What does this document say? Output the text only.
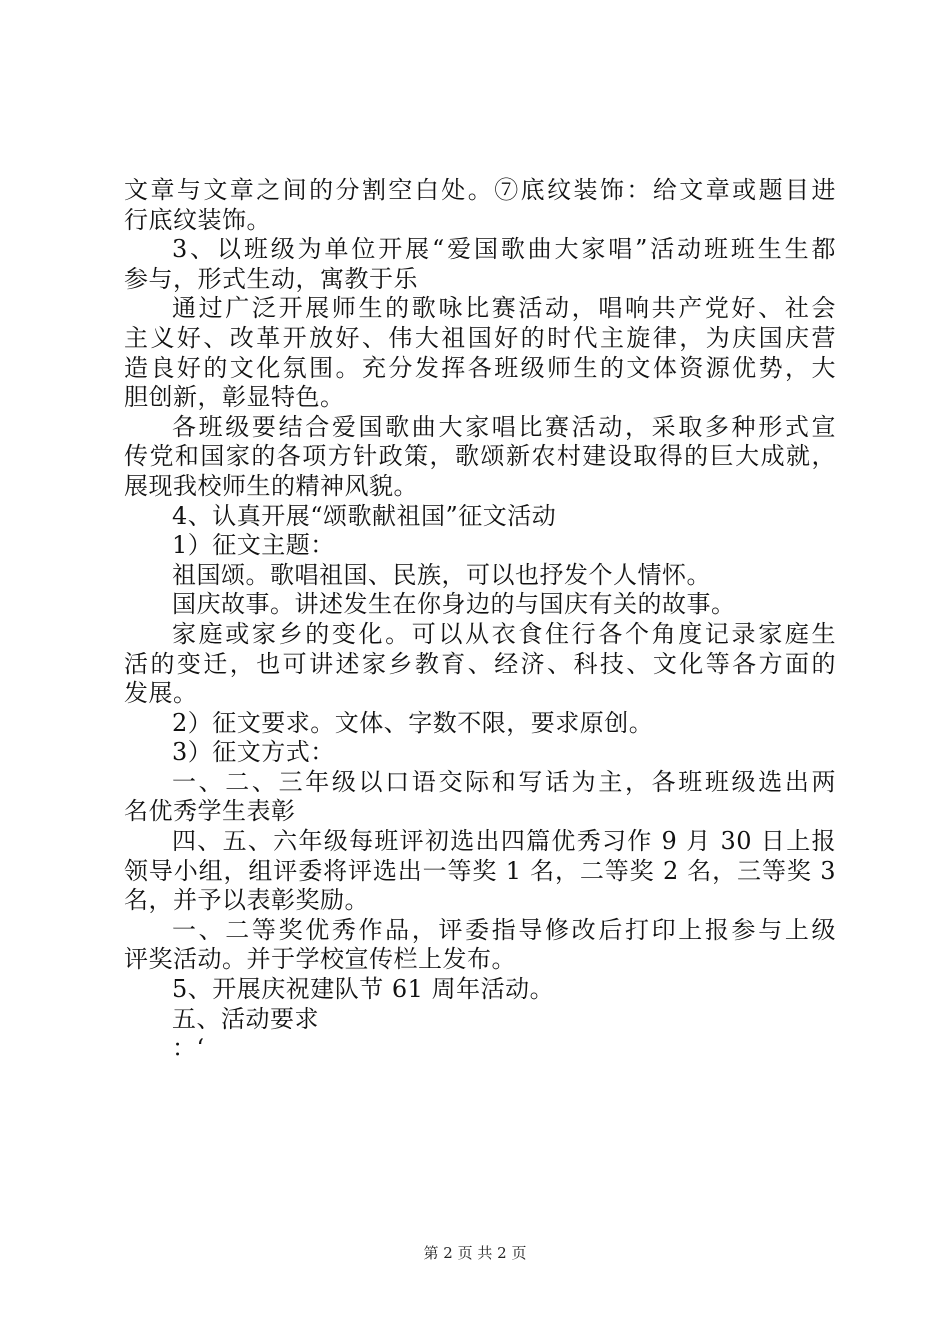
文章与文章之间的分割空白处。⑦底纹装饰：给文章或题目进
行底纹装饰。
3、以班级为单位开展“爱国歌曲大家唱”活动班班生生都
参与，形式生动，寓教于乐
通过广泛开展师生的歌咏比赛活动，唱响共产党好、社会
主义好、改革开放好、伟大祖国好的时代主旋律，为庆国庆营
造良好的文化氛围。充分发挥各班级师生的文体资源优势，大
胆创新，彰显特色。
各班级要结合爱国歌曲大家唱比赛活动，采取多种形式宣
传党和国家的各项方针政策，歌颂新农村建设取得的巨大成就，
展现我校师生的精神风貌。
4、认真开展“颂歌献祖国”征文活动
1）征文主题：
祖国颂。歌唱祖国、民族，可以也抒发个人情怀。
国庆故事。讲述发生在你身边的与国庆有关的故事。
家庭或家乡的变化。可以从衣食住行各个角度记录家庭生
活的变迁，也可讲述家乡教育、经济、科技、文化等各方面的
发展。
2）征文要求。文体、字数不限，要求原创。
3）征文方式：
一、二、三年级以口语交际和写话为主，各班班级选出两
名优秀学生表彰
四、五、六年级每班评初选出四篇优秀习作 9 月 30 日上报
领导小组，组评委将评选出一等奖 1 名，二等奖 2 名，三等奖 3
名，并予以表彰奖励。
一、二等奖优秀作品，评委指导修改后打印上报参与上级
评奖活动。并于学校宣传栏上发布。
5、开展庆祝建队节 61 周年活动。
五、活动要求
：‘
第 2 页 共 2 页
